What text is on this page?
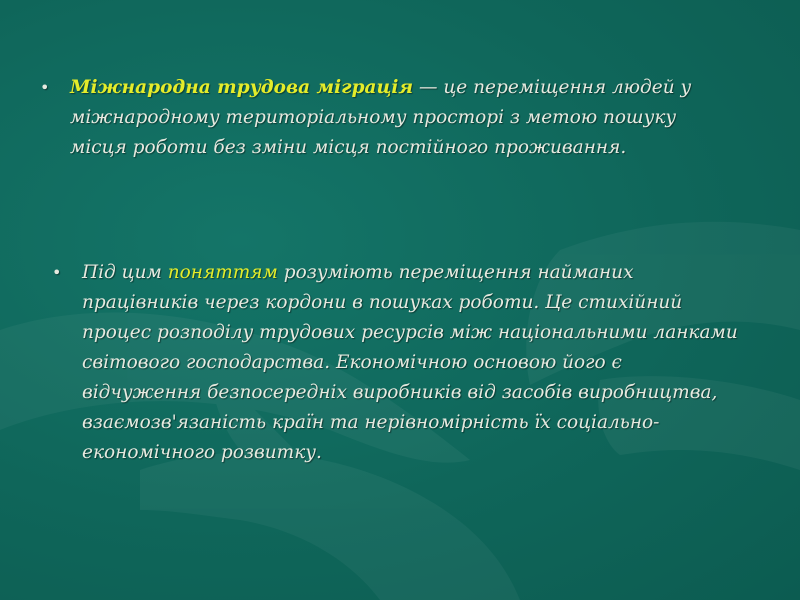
•	Міжнародна трудова міграція — це переміщення людей у міжнародному територіальному просторі з метою пошуку місця роботи без зміни місця постійного проживання.
•	Під цим поняттям розуміють переміщення найманих працівників через кордони в пошуках роботи. Це стихійний процес розподілу трудових ресурсів між національними ланками світового господарства. Економічною основою його є відчуження безпосередніх виробників від засобів виробництва, взаємозв'язаність країн та нерівномірність їх соціально-економічного розвитку.
